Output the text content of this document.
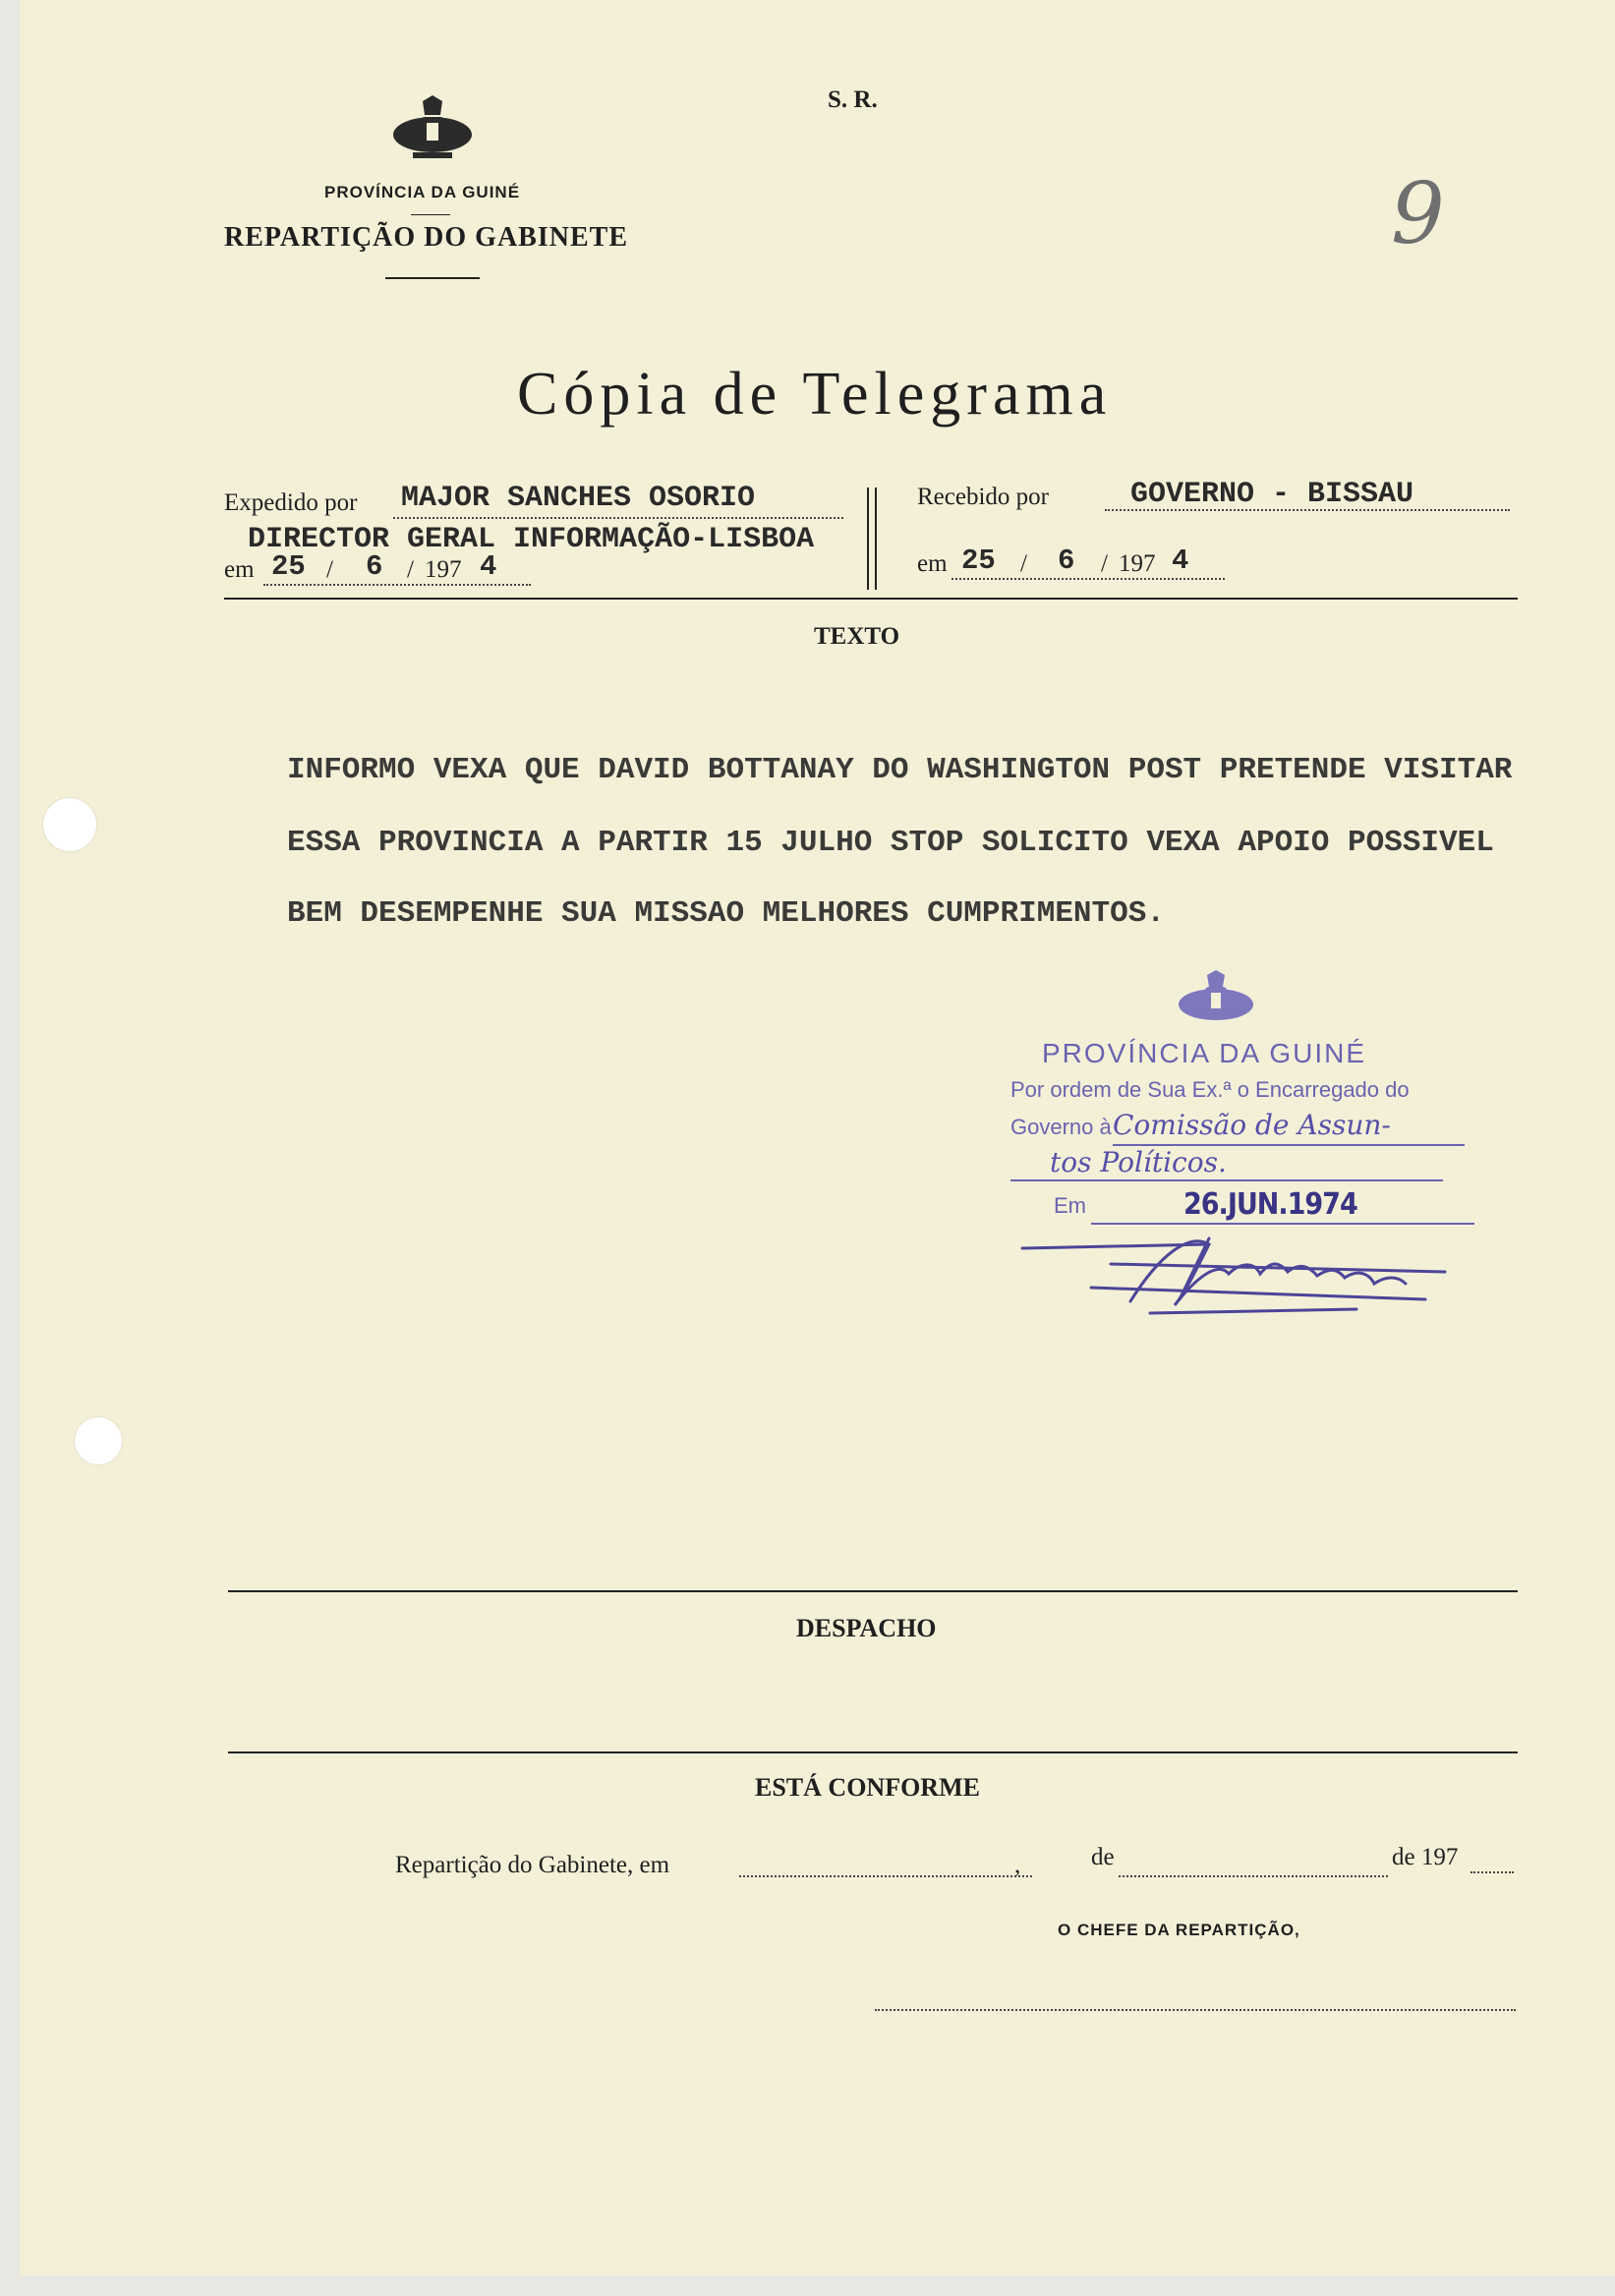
PROVÍNCIA DA GUINÉ
REPARTIÇÃO DO GABINETE
S. R.
9
Cópia de Telegrama
Expedido por MAJOR SANCHES OSORIO
DIRECTOR GERAL INFORMAÇÃO-LISBOA
em 25 / 6 / 197 4
Recebido por	GOVERNO - BISSAU
em 25 / 6 / 197 4
TEXTO
INFORMO VEXA QUE DAVID BOTTANAY DO WASHINGTON POST PRETENDE VISITAR
ESSA PROVINCIA A PARTIR 15 JULHO STOP SOLICITO VEXA APOIO POSSIVEL
BEM DESEMPENHE SUA MISSAO MELHORES CUMPRIMENTOS.
PROVÍNCIA DA GUINÉ
Por ordem de Sua Ex.ª o Encarregado do
Governo à Comissão de Assun-
tos Políticos.
Em	26.JUN.1974
DESPACHO
ESTÁ CONFORME
Repartição do Gabinete, em	,	de	de 197
O CHEFE DA REPARTIÇÃO,
